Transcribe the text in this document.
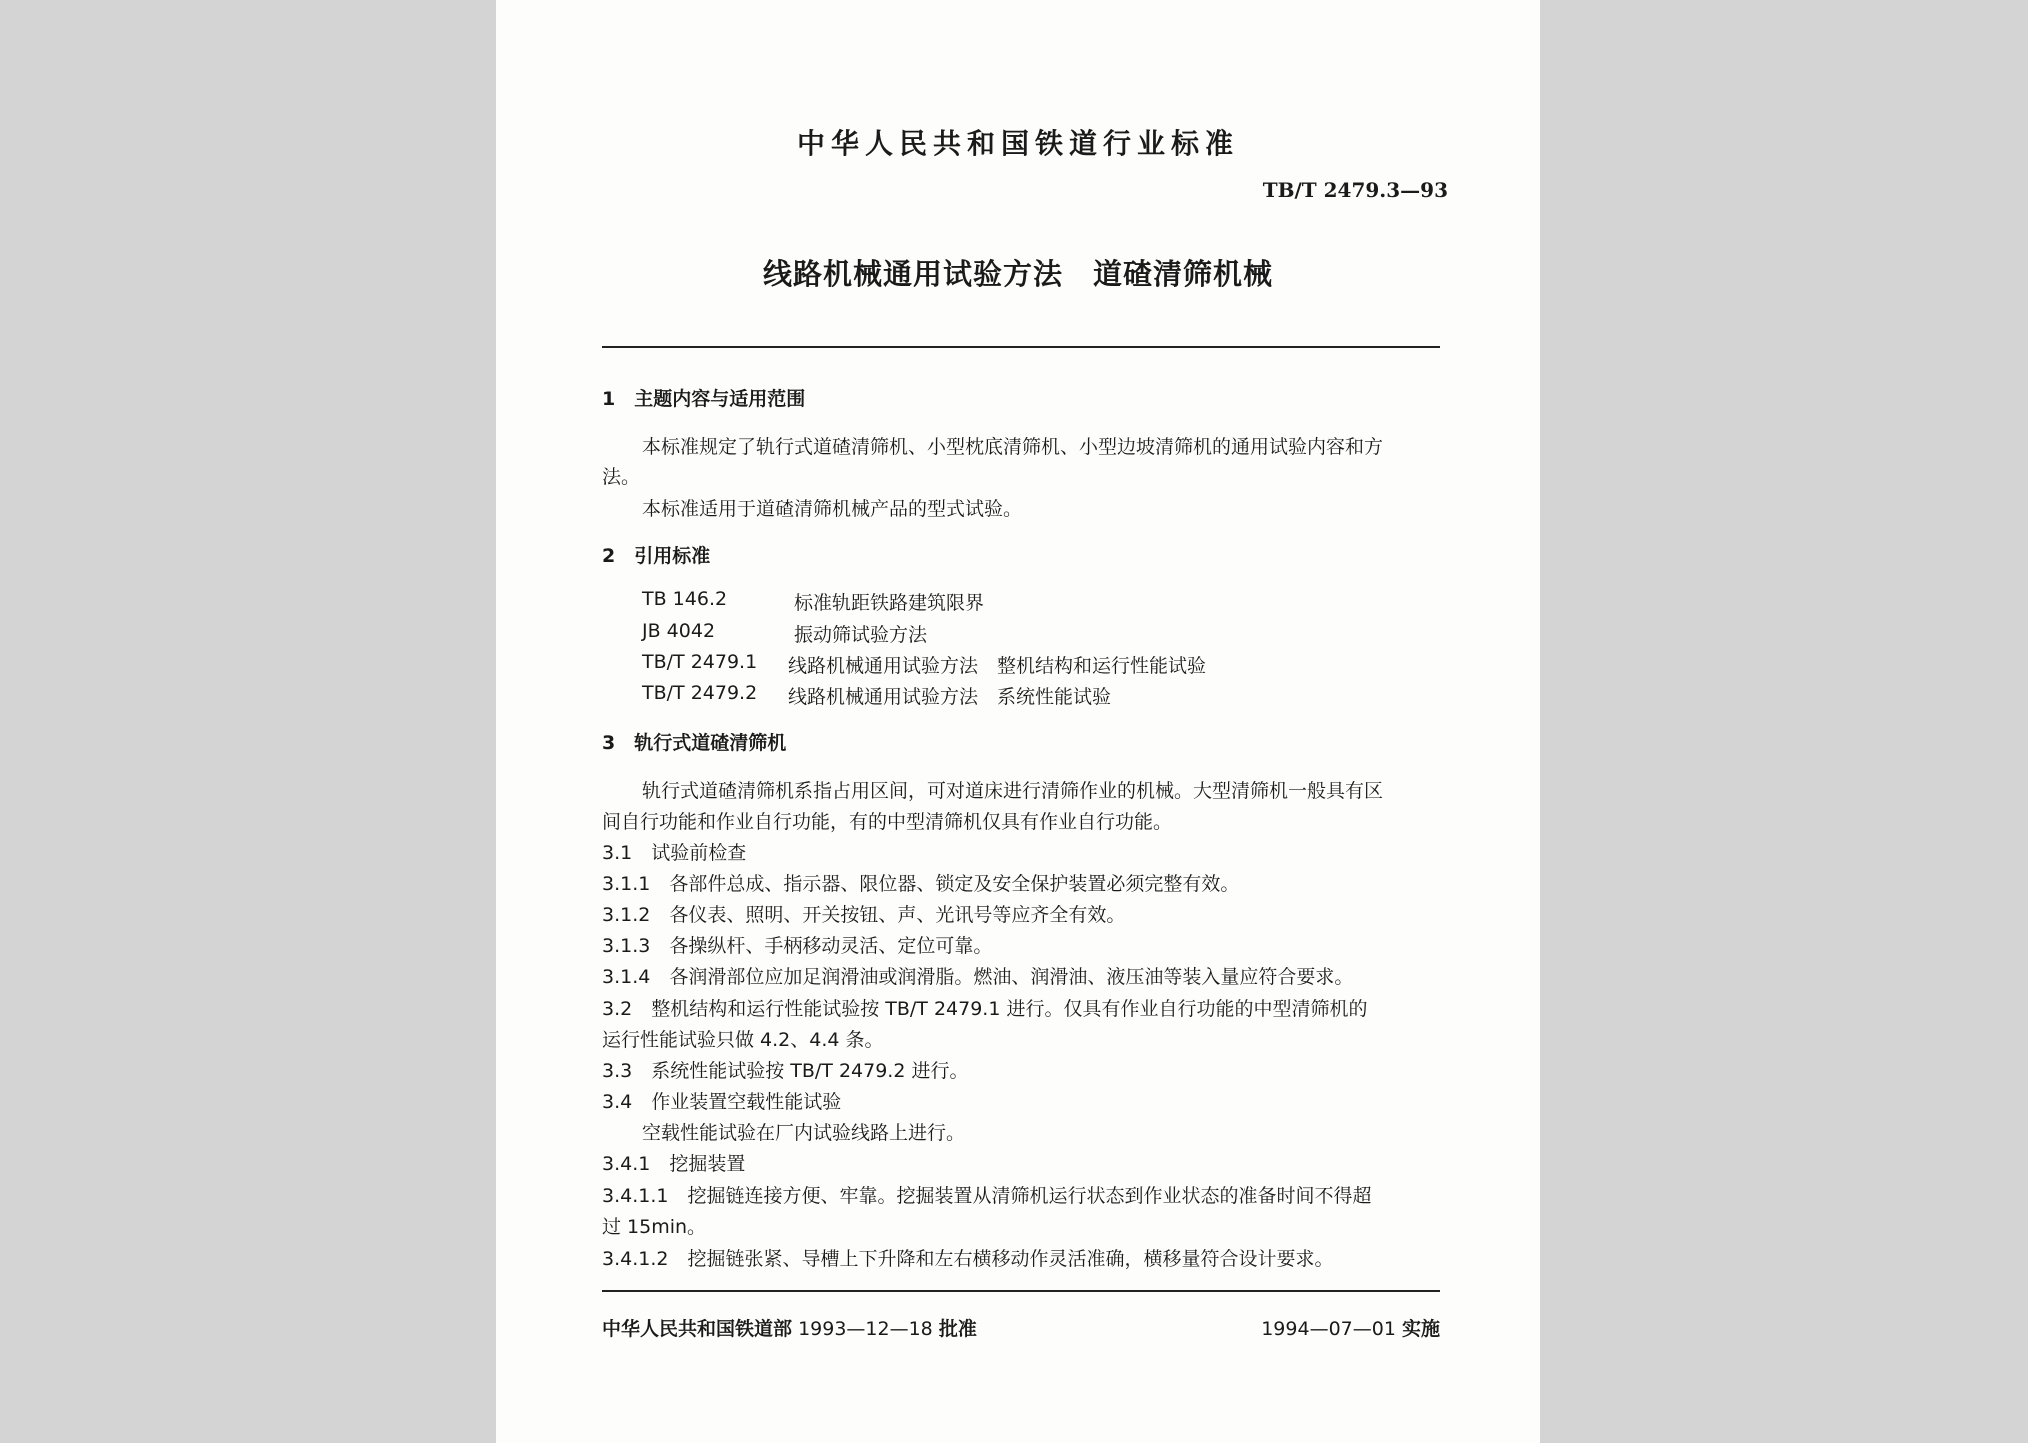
中华人民共和国铁道行业标准
TB/T 2479.3—93
线路机械通用试验方法 道碴清筛机械
1　主题内容与适用范围
本标准规定了轨行式道碴清筛机、小型枕底清筛机、小型边坡清筛机的通用试验内容和方
法。
本标准适用于道碴清筛机械产品的型式试验。
2　引用标准
TB 146.2	标准轨距铁路建筑限界
JB 4042	振动筛试验方法
TB/T 2479.1 线路机械通用试验方法　整机结构和运行性能试验
TB/T 2479.2 线路机械通用试验方法　系统性能试验
3　轨行式道碴清筛机
轨行式道碴清筛机系指占用区间，可对道床进行清筛作业的机械。大型清筛机一般具有区
间自行功能和作业自行功能，有的中型清筛机仅具有作业自行功能。
3.1　试验前检查
3.1.1　各部件总成、指示器、限位器、锁定及安全保护装置必须完整有效。
3.1.2　各仪表、照明、开关按钮、声、光讯号等应齐全有效。
3.1.3　各操纵杆、手柄移动灵活、定位可靠。
3.1.4　各润滑部位应加足润滑油或润滑脂。燃油、润滑油、液压油等装入量应符合要求。
3.2　整机结构和运行性能试验按 TB/T 2479.1 进行。仅具有作业自行功能的中型清筛机的
运行性能试验只做 4.2、4.4 条。
3.3　系统性能试验按 TB/T 2479.2 进行。
3.4　作业装置空载性能试验
空载性能试验在厂内试验线路上进行。
3.4.1　挖掘装置
3.4.1.1　挖掘链连接方便、牢靠。挖掘装置从清筛机运行状态到作业状态的准备时间不得超
过 15min。
3.4.1.2　挖掘链张紧、导槽上下升降和左右横移动作灵活准确，横移量符合设计要求。
中华人民共和国铁道部 1993—12—18 批准	1994—07—01 实施
